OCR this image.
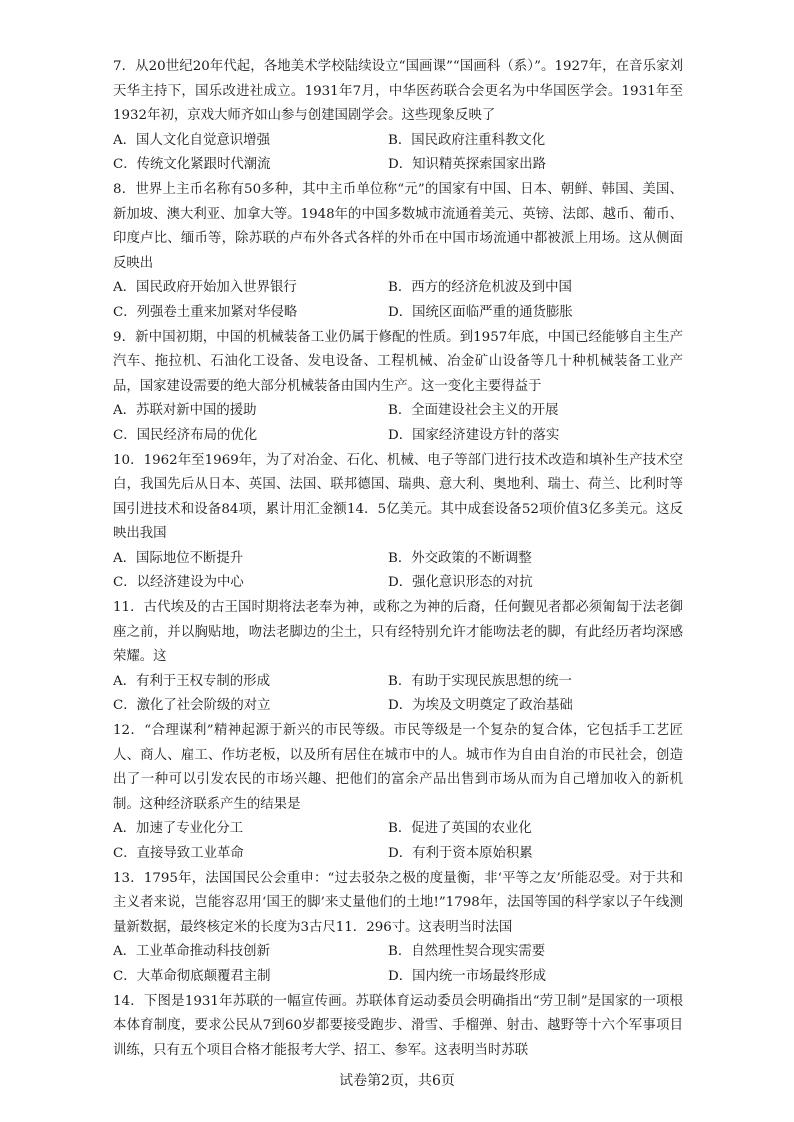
7．从20世纪20年代起，各地美术学校陆续设立“国画课”“国画科（系）”。1927年，在音乐家刘天华主持下，国乐改进社成立。1931年7月，中华医药联合会更名为中华国医学会。1931年至1932年初，京戏大师齐如山参与创建国剧学会。这些现象反映了

A．国人文化自觉意识增强	B．国民政府注重科教文化
C．传统文化紧跟时代潮流	D．知识精英探索国家出路

8．世界上主币名称有50多种，其中主币单位称“元”的国家有中国、日本、朝鲜、韩国、美国、新加坡、澳大利亚、加拿大等。1948年的中国多数城市流通着美元、英镑、法郎、越币、葡币、印度卢比、缅币等，除苏联的卢布外各式各样的外币在中国市场流通中都被派上用场。这从侧面反映出

A．国民政府开始加入世界银行	B．西方的经济危机波及到中国
C．列强卷土重来加紧对华侵略	D．国统区面临严重的通货膨胀

9．新中国初期，中国的机械装备工业仍属于修配的性质。到1957年底，中国已经能够自主生产汽车、拖拉机、石油化工设备、发电设备、工程机械、冶金矿山设备等几十种机械装备工业产品，国家建设需要的绝大部分机械装备由国内生产。这一变化主要得益于

A．苏联对新中国的援助	B．全面建设社会主义的开展
C．国民经济布局的优化	D．国家经济建设方针的落实

10．1962年至1969年，为了对冶金、石化、机械、电子等部门进行技术改造和填补生产技术空白，我国先后从日本、英国、法国、联邦德国、瑞典、意大利、奥地利、瑞士、荷兰、比利时等国引进技术和设备84项，累计用汇金额14．5亿美元。其中成套设备52项价值3亿多美元。这反映出我国

A．国际地位不断提升	B．外交政策的不断调整
C．以经济建设为中心	D．强化意识形态的对抗

11．古代埃及的古王国时期将法老奉为神，或称之为神的后裔，任何觐见者都必须匍匐于法老御座之前，并以胸贴地，吻法老脚边的尘土，只有经特别允许才能吻法老的脚，有此经历者均深感荣耀。这

A．有利于王权专制的形成	B．有助于实现民族思想的统一
C．激化了社会阶级的对立	D．为埃及文明奠定了政治基础

12．“合理谋利”精神起源于新兴的市民等级。市民等级是一个复杂的复合体，它包括手工艺匠人、商人、雇工、作坊老板，以及所有居住在城市中的人。城市作为自由自治的市民社会，创造出了一种可以引发农民的市场兴趣、把他们的富余产品出售到市场从而为自己增加收入的新机制。这种经济联系产生的结果是

A．加速了专业化分工	B．促进了英国的农业化
C．直接导致工业革命	D．有利于资本原始积累

13．1795年，法国国民公会重申：“过去驳杂之极的度量衡，非‘平等之友’所能忍受。对于共和主义者来说，岂能容忍用‘国王的脚’来丈量他们的土地!”1798年，法国等国的科学家以子午线测量新数据，最终核定米的长度为3古尺11．296寸。这表明当时法国

A．工业革命推动科技创新	B．自然理性契合现实需要
C．大革命彻底颠覆君主制	D．国内统一市场最终形成

14．下图是1931年苏联的一幅宣传画。苏联体育运动委员会明确指出“劳卫制”是国家的一项根本体育制度，要求公民从7到60岁都要接受跑步、滑雪、手榴弹、射击、越野等十六个军事项目训练，只有五个项目合格才能报考大学、招工、参军。这表明当时苏联

试卷第2页，共6页
